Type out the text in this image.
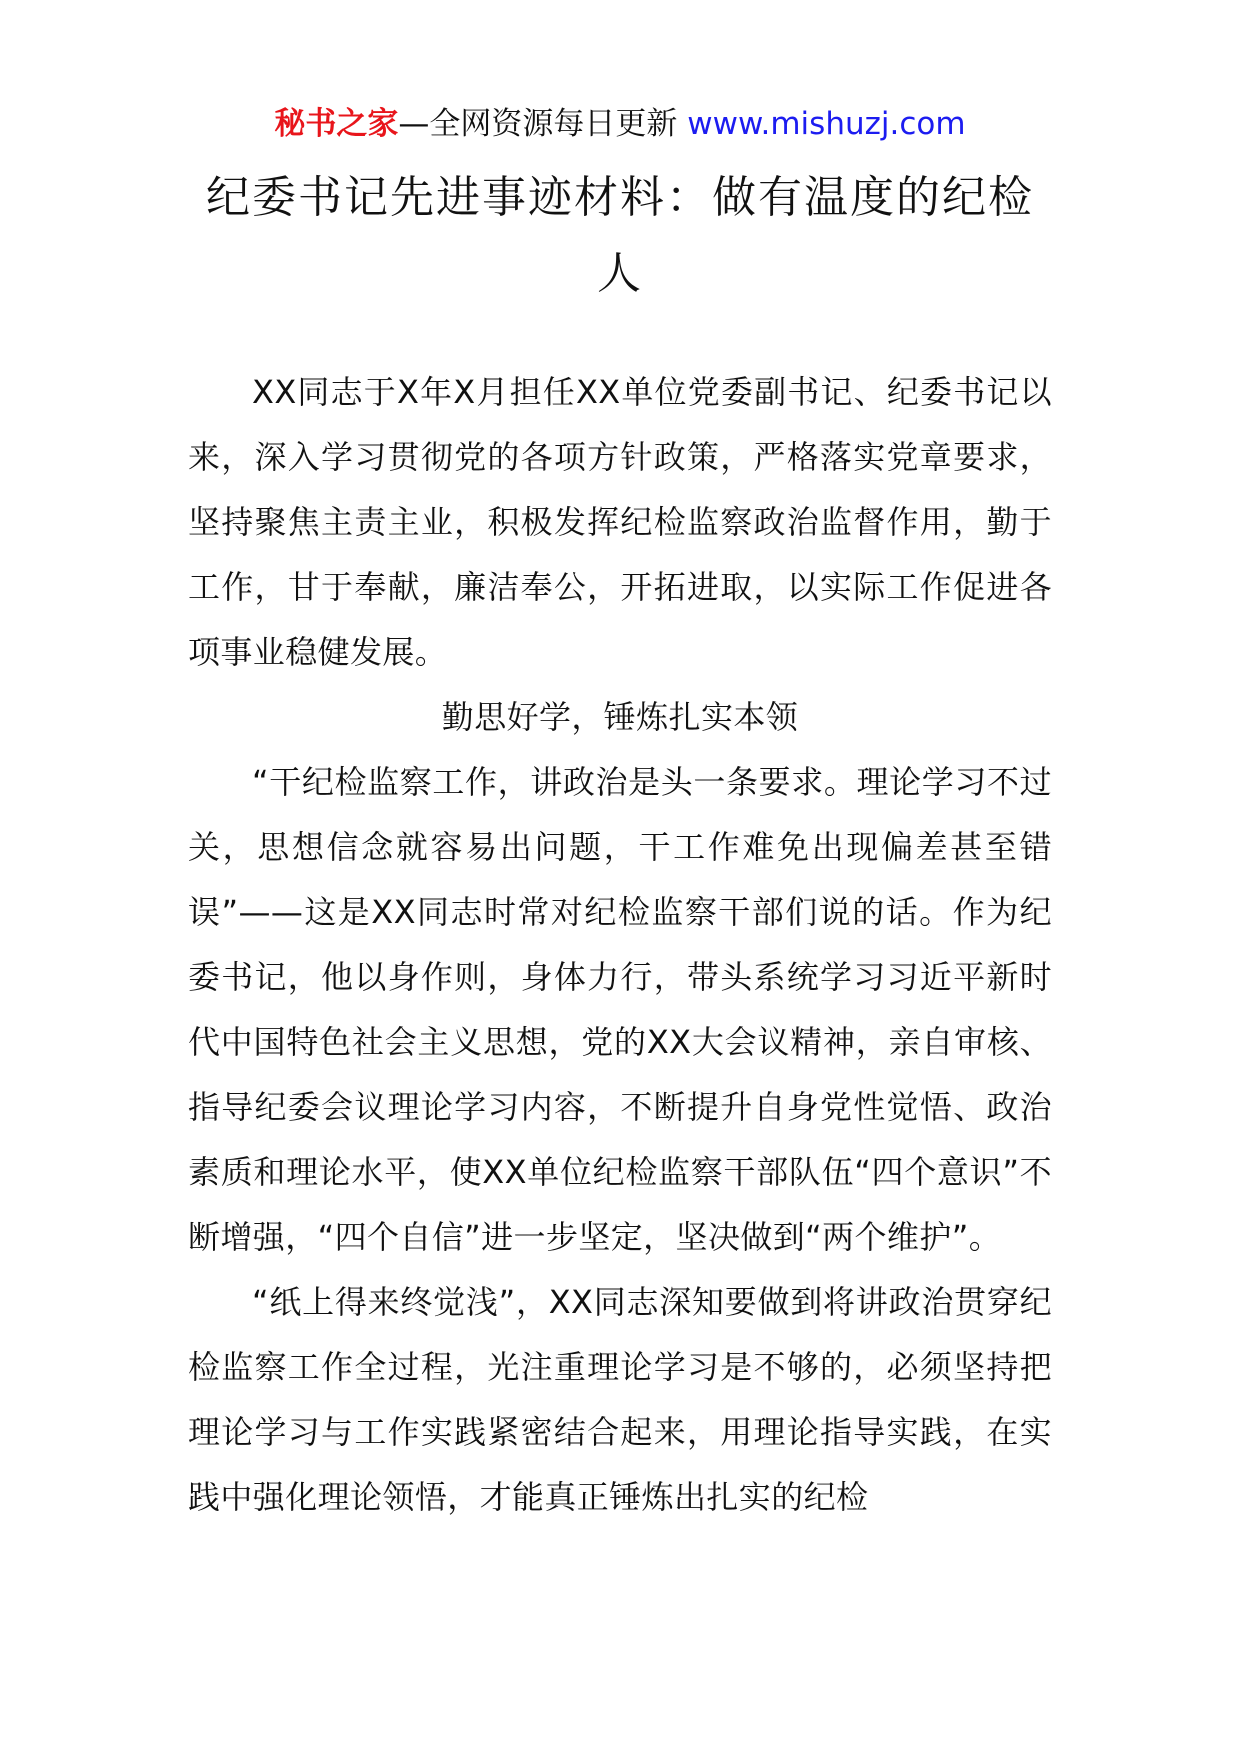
秘书之家—全网资源每日更新 www.mishuzj.com
纪委书记先进事迹材料：做有温度的纪检人

XX同志于X年X月担任XX单位党委副书记、纪委书记以来，深入学习贯彻党的各项方针政策，严格落实党章要求，坚持聚焦主责主业，积极发挥纪检监察政治监督作用，勤于工作，甘于奉献，廉洁奉公，开拓进取，以实际工作促进各项事业稳健发展。

勤思好学，锤炼扎实本领

“干纪检监察工作，讲政治是头一条要求。理论学习不过关，思想信念就容易出问题，干工作难免出现偏差甚至错误”——这是XX同志时常对纪检监察干部们说的话。作为纪委书记，他以身作则，身体力行，带头系统学习习近平新时代中国特色社会主义思想，党的XX大会议精神，亲自审核、指导纪委会议理论学习内容，不断提升自身党性觉悟、政治素质和理论水平，使XX单位纪检监察干部队伍“四个意识”不断增强，“四个自信”进一步坚定，坚决做到“两个维护”。

“纸上得来终觉浅”，XX同志深知要做到将讲政治贯穿纪检监察工作全过程，光注重理论学习是不够的，必须坚持把理论学习与工作实践紧密结合起来，用理论指导实践，在实践中强化理论领悟，才能真正锤炼出扎实的纪检
